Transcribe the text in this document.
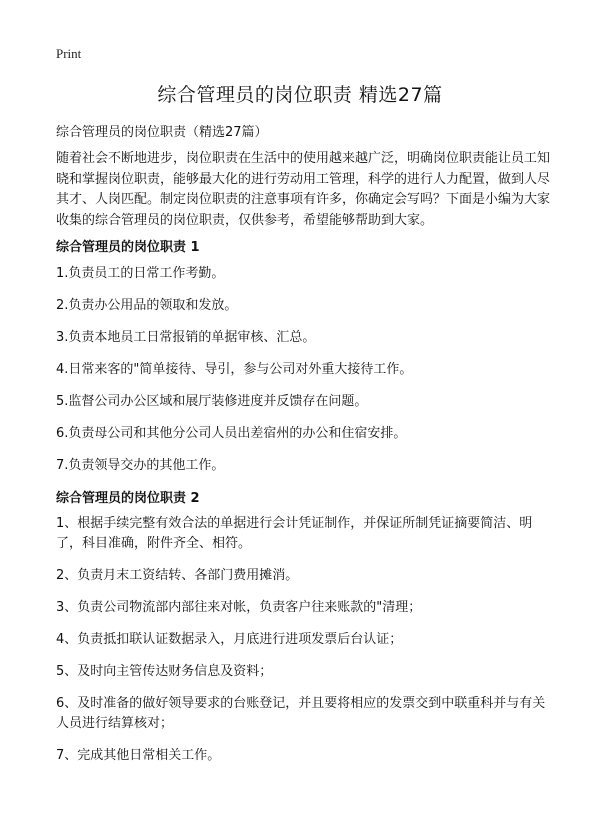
Print
综合管理员的岗位职责 精选27篇

综合管理员的岗位职责（精选27篇）

随着社会不断地进步，岗位职责在生活中的使用越来越广泛，明确岗位职责能让员工知晓和掌握岗位职责，能够最大化的进行劳动用工管理，科学的进行人力配置，做到人尽其才、人岗匹配。制定岗位职责的注意事项有许多，你确定会写吗？下面是小编为大家收集的综合管理员的岗位职责，仅供参考，希望能够帮助到大家。

综合管理员的岗位职责 1
1.负责员工的日常工作考勤。
2.负责办公用品的领取和发放。
3.负责本地员工日常报销的单据审核、汇总。
4.日常来客的"简单接待、导引，参与公司对外重大接待工作。
5.监督公司办公区域和展厅装修进度并反馈存在问题。
6.负责母公司和其他分公司人员出差宿州的办公和住宿安排。
7.负责领导交办的其他工作。
综合管理员的岗位职责 2
1、根据手续完整有效合法的单据进行会计凭证制作，并保证所制凭证摘要简洁、明了，科目准确，附件齐全、相符。
2、负责月末工资结转、各部门费用摊消。
3、负责公司物流部内部往来对帐，负责客户往来账款的"清理；
4、负责抵扣联认证数据录入，月底进行进项发票后台认证；
5、及时向主管传达财务信息及资料；
6、及时准备的做好领导要求的台账登记，并且要将相应的发票交到中联重科并与有关人员进行结算核对；
7、完成其他日常相关工作。
